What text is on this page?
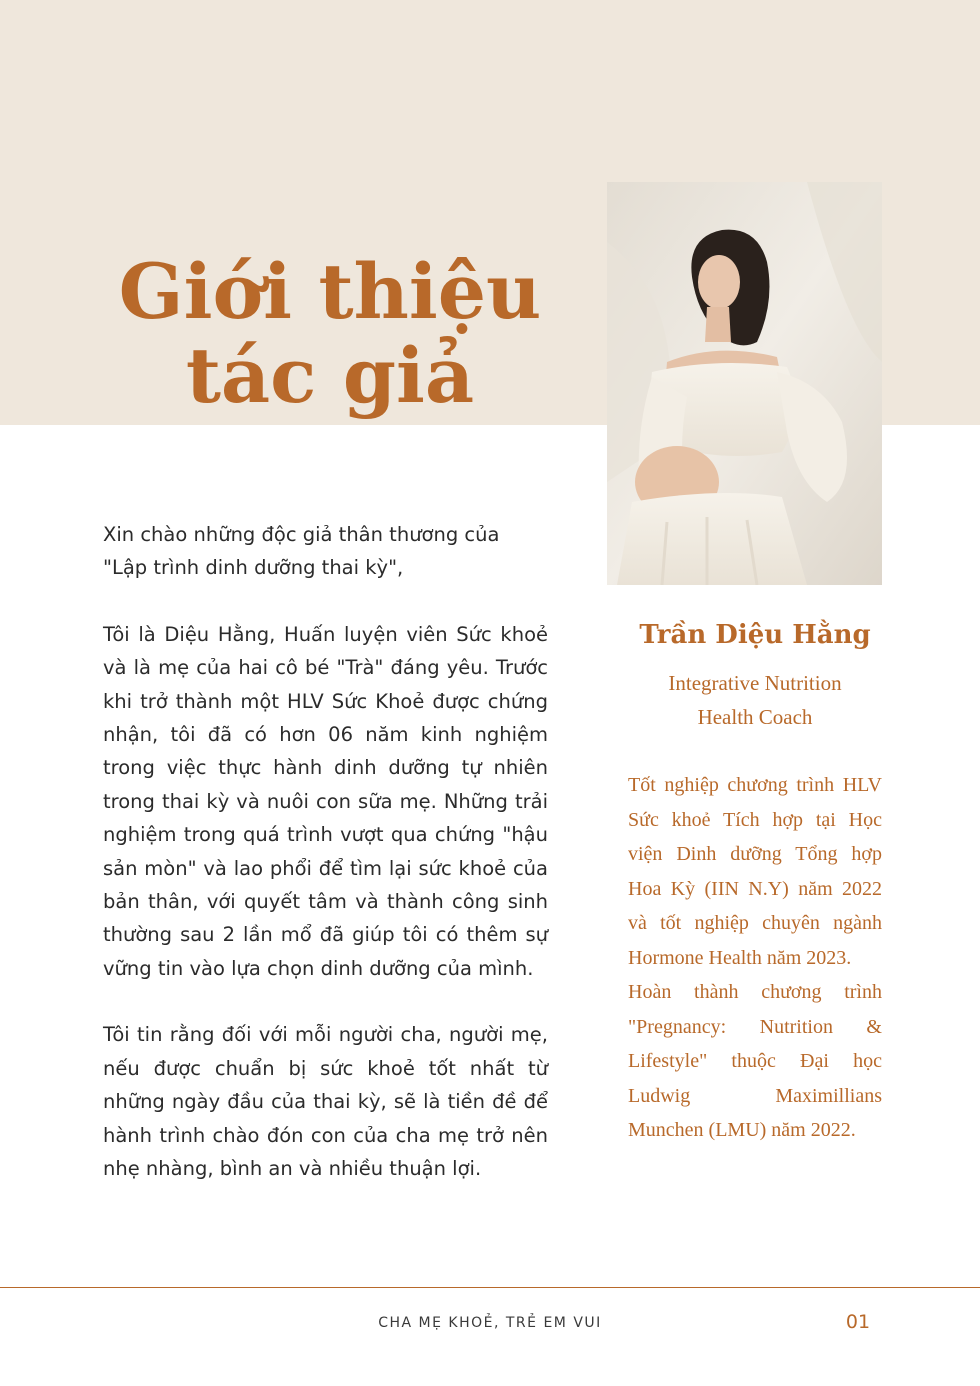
Giới thiệu
tác giả

Xin chào những độc giả thân thương của "Lập trình dinh dưỡng thai kỳ",

Tôi là Diệu Hằng, Huấn luyện viên Sức khoẻ và là mẹ của hai cô bé "Trà" đáng yêu. Trước khi trở thành một HLV Sức Khoẻ được chứng nhận, tôi đã có hơn 06 năm kinh nghiệm trong việc thực hành dinh dưỡng tự nhiên trong thai kỳ và nuôi con sữa mẹ. Những trải nghiệm trong quá trình vượt qua chứng "hậu sản mòn" và lao phổi để tìm lại sức khoẻ của bản thân, với quyết tâm và thành công sinh thường sau 2 lần mổ đã giúp tôi có thêm sự vững tin vào lựa chọn dinh dưỡng của mình.

Tôi tin rằng đối với mỗi người cha, người mẹ, nếu được chuẩn bị sức khoẻ tốt nhất từ những ngày đầu của thai kỳ, sẽ là tiền đề để hành trình chào đón con của cha mẹ trở nên nhẹ nhàng, bình an và nhiều thuận lợi.

Trần Diệu Hằng
Integrative Nutrition
Health Coach

Tốt nghiệp chương trình HLV Sức khoẻ Tích hợp tại Học viện Dinh dưỡng Tổng hợp Hoa Kỳ (IIN N.Y) năm 2022 và tốt nghiệp chuyên ngành Hormone Health năm 2023.

Hoàn thành chương trình "Pregnancy: Nutrition & Lifestyle" thuộc Đại học Ludwig Maximillians Munchen (LMU) năm 2022.

CHA MẸ KHOẺ, TRẺ EM VUI	01
